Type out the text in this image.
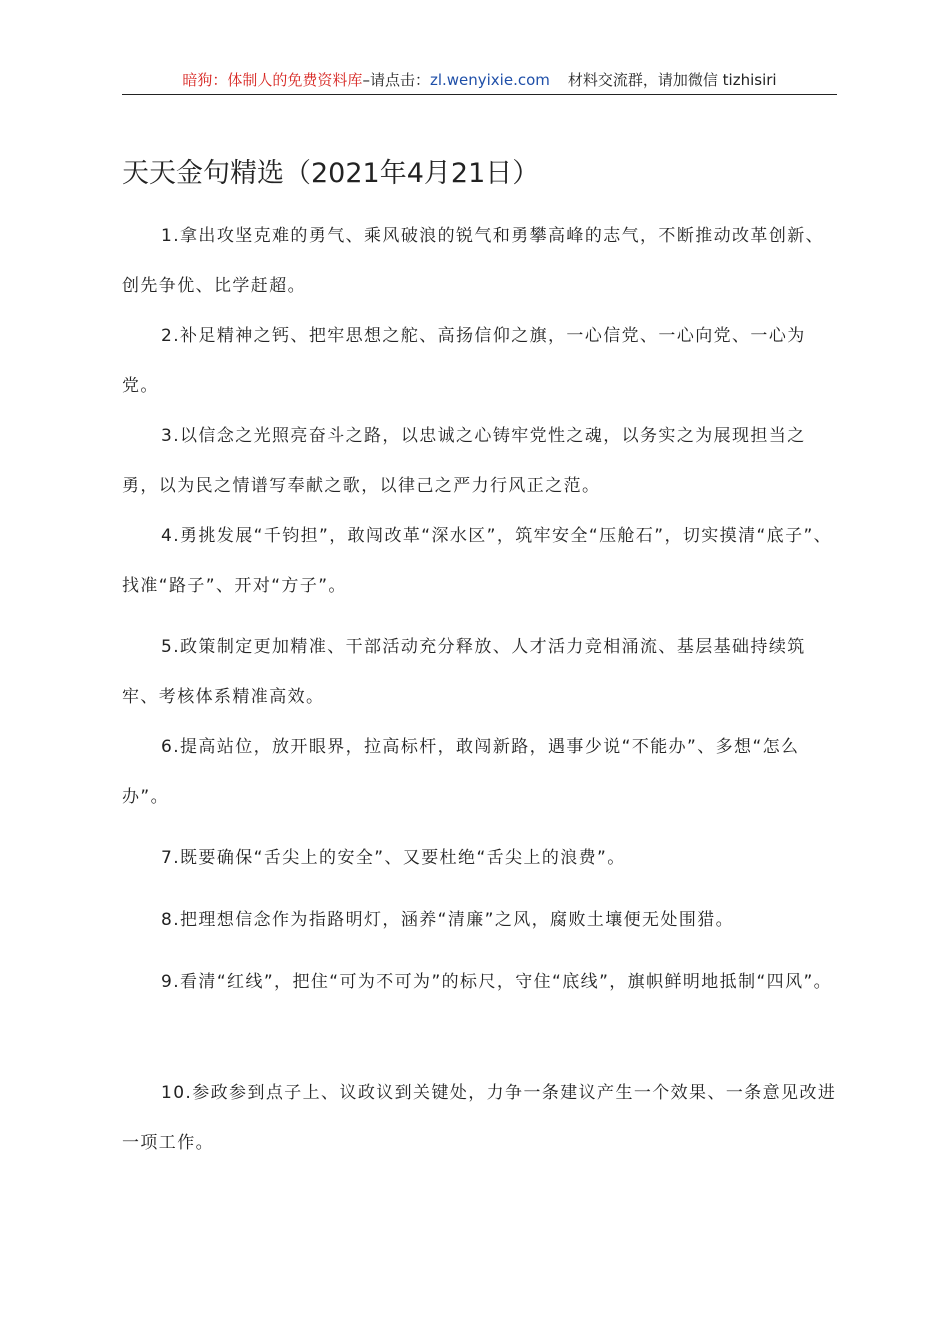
暗狗：体制人的免费资料库–请点击：zl.wenyixie.com 材料交流群，请加微信 tizhisiri
天天金句精选（2021年4月21日）
1.拿出攻坚克难的勇气、乘风破浪的锐气和勇攀高峰的志气，不断推动改革创新、创先争优、比学赶超。
2.补足精神之钙、把牢思想之舵、高扬信仰之旗，一心信党、一心向党、一心为党。
3.以信念之光照亮奋斗之路，以忠诚之心铸牢党性之魂，以务实之为展现担当之勇，以为民之情谱写奉献之歌，以律己之严力行风正之范。
4.勇挑发展“千钧担”，敢闯改革“深水区”，筑牢安全“压舱石”，切实摸清“底子”、找准“路子”、开对“方子”。
5.政策制定更加精准、干部活动充分释放、人才活力竞相涌流、基层基础持续筑牢、考核体系精准高效。
6.提高站位，放开眼界，拉高标杆，敢闯新路，遇事少说“不能办”、多想“怎么办”。
7.既要确保“舌尖上的安全”、又要杜绝“舌尖上的浪费”。
8.把理想信念作为指路明灯，涵养“清廉”之风，腐败土壤便无处围猎。
9.看清“红线”，把住“可为不可为”的标尺，守住“底线”，旗帜鲜明地抵制“四风”。
10.参政参到点子上、议政议到关键处，力争一条建议产生一个效果、一条意见改进一项工作。
